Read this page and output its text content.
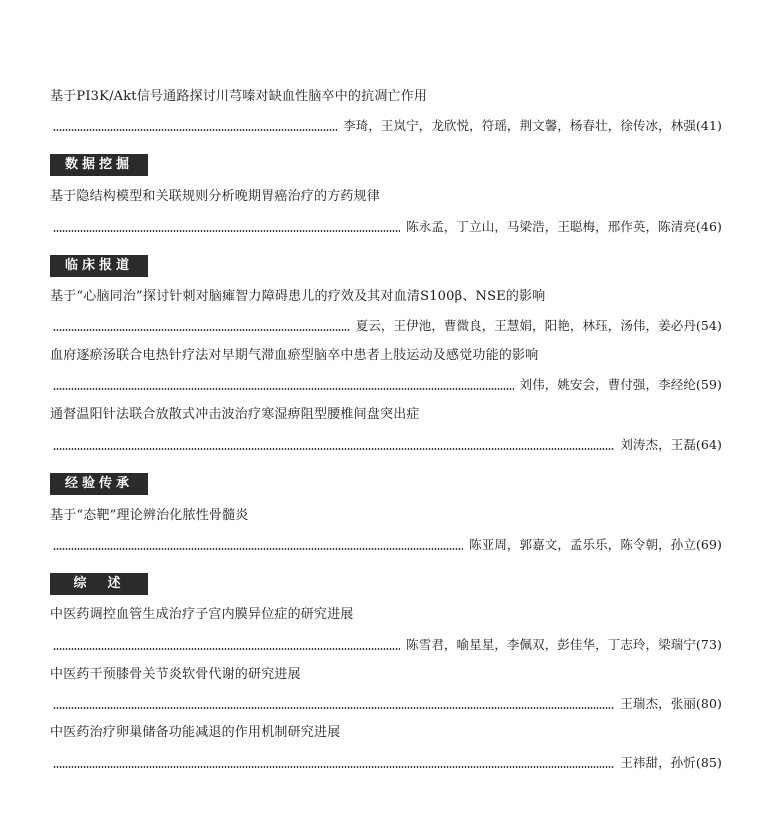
基于PI3K/Akt信号通路探讨川芎嗪对缺血性脑卒中的抗凋亡作用
李琦，王岚宁，龙欣悦，符瑶，荆文馨，杨春壮，徐传冰，林强(41)
数据挖掘
基于隐结构模型和关联规则分析晚期胃癌治疗的方药规律
陈永孟，丁立山，马梁浩，王聪梅，邢作英，陈清亮(46)
临床报道
基于“心脑同治”探讨针刺对脑瘫智力障碍患儿的疗效及其对血清S100β、NSE的影响
夏云，王伊池，曹微良，王慧娟，阳艳，林珏，汤伟，姜必丹(54)
血府逐瘀汤联合电热针疗法对早期气滞血瘀型脑卒中患者上肢运动及感觉功能的影响
刘伟，姚安会，曹付强，李经纶(59)
通督温阳针法联合放散式冲击波治疗寒湿痹阻型腰椎间盘突出症
刘涛杰，王磊(64)
经验传承
基于“态靶”理论辨治化脓性骨髓炎
陈亚周，郭嘉文，孟乐乐，陈令朝，孙立(69)
综　述
中医药调控血管生成治疗子宫内膜异位症的研究进展
陈雪君，喻星星，李佩双，彭佳华，丁志玲，梁瑞宁(73)
中医药干预膝骨关节炎软骨代谢的研究进展
王瑞杰，张丽(80)
中医药治疗卵巢储备功能减退的作用机制研究进展
王祎甜，孙忻(85)
